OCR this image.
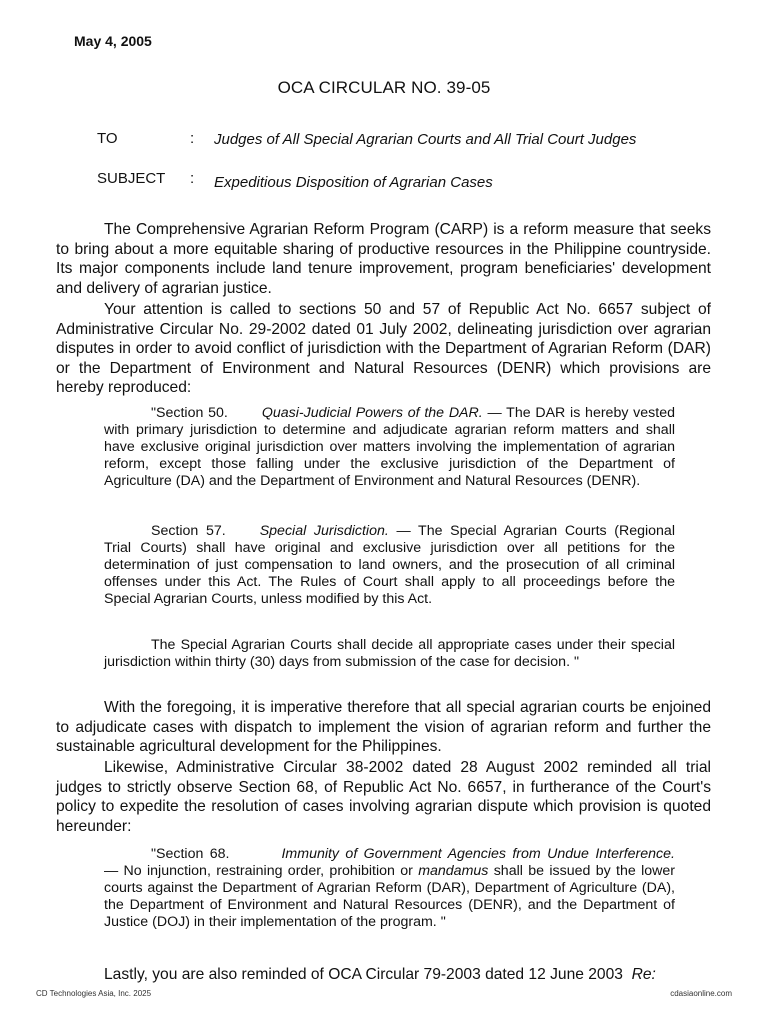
May 4, 2005
OCA CIRCULAR NO. 39-05
TO	: Judges of All Special Agrarian Courts and All Trial Court Judges
SUBJECT : Expeditious Disposition of Agrarian Cases

The Comprehensive Agrarian Reform Program (CARP) is a reform measure that seeks to bring about a more equitable sharing of productive resources in the Philippine countryside. Its major components include land tenure improvement, program beneficiaries' development and delivery of agrarian justice.

Your attention is called to sections 50 and 57 of Republic Act No. 6657 subject of Administrative Circular No. 29-2002 dated 01 July 2002, delineating jurisdiction over agrarian disputes in order to avoid conflict of jurisdiction with the Department of Agrarian Reform (DAR) or the Department of Environment and Natural Resources (DENR) which provisions are hereby reproduced:

"Section 50. Quasi-Judicial Powers of the DAR. — The DAR is hereby vested with primary jurisdiction to determine and adjudicate agrarian reform matters and shall have exclusive original jurisdiction over matters involving the implementation of agrarian reform, except those falling under the exclusive jurisdiction of the Department of Agriculture (DA) and the Department of Environment and Natural Resources (DENR).

Section 57. Special Jurisdiction. — The Special Agrarian Courts (Regional Trial Courts) shall have original and exclusive jurisdiction over all petitions for the determination of just compensation to land owners, and the prosecution of all criminal offenses under this Act. The Rules of Court shall apply to all proceedings before the Special Agrarian Courts, unless modified by this Act.

The Special Agrarian Courts shall decide all appropriate cases under their special jurisdiction within thirty (30) days from submission of the case for decision. "

With the foregoing, it is imperative therefore that all special agrarian courts be enjoined to adjudicate cases with dispatch to implement the vision of agrarian reform and further the sustainable agricultural development for the Philippines.

Likewise, Administrative Circular 38-2002 dated 28 August 2002 reminded all trial judges to strictly observe Section 68, of Republic Act No. 6657, in furtherance of the Court's policy to expedite the resolution of cases involving agrarian dispute which provision is quoted hereunder:

"Section 68.	Immunity of Government Agencies from Undue Interference. — No injunction, restraining order, prohibition or mandamus shall be issued by the lower courts against the Department of Agrarian Reform (DAR), Department of Agriculture (DA), the Department of Environment and Natural Resources (DENR), and the Department of Justice (DOJ) in their implementation of the program. "

Lastly, you are also reminded of OCA Circular 79-2003 dated 12 June 2003 Re:

CD Technologies Asia, Inc. 2025	cdasiaonline.com
